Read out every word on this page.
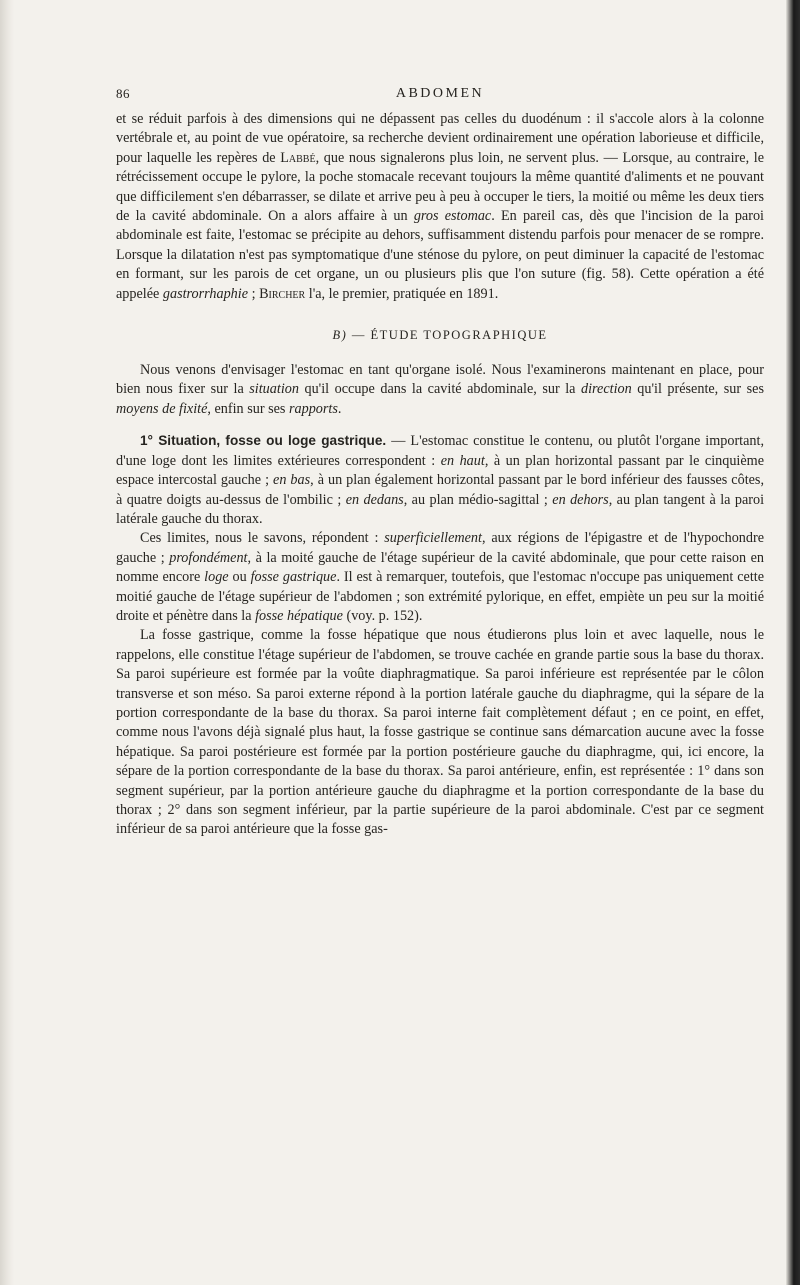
86	ABDOMEN

et se réduit parfois à des dimensions qui ne dépassent pas celles du duodénum : il s'accole alors à la colonne vertébrale et, au point de vue opératoire, sa recherche devient ordinairement une opération laborieuse et difficile, pour laquelle les repères de Labbé, que nous signalerons plus loin, ne servent plus. — Lorsque, au contraire, le rétrécissement occupe le pylore, la poche stomacale recevant toujours la même quantité d'aliments et ne pouvant que difficilement s'en débarrasser, se dilate et arrive peu à peu à occuper le tiers, la moitié ou même les deux tiers de la cavité abdominale. On a alors affaire à un gros estomac. En pareil cas, dès que l'incision de la paroi abdominale est faite, l'estomac se précipite au dehors, suffisamment distendu parfois pour menacer de se rompre. Lorsque la dilatation n'est pas symptomatique d'une sténose du pylore, on peut diminuer la capacité de l'estomac en formant, sur les parois de cet organe, un ou plusieurs plis que l'on suture (fig. 58). Cette opération a été appelée gastrorrhaphie ; Bircher l'a, le premier, pratiquée en 1891.

B) — ÉTUDE TOPOGRAPHIQUE

Nous venons d'envisager l'estomac en tant qu'organe isolé. Nous l'examinerons maintenant en place, pour bien nous fixer sur la situation qu'il occupe dans la cavité abdominale, sur la direction qu'il présente, sur ses moyens de fixité, enfin sur ses rapports.

1° Situation, fosse ou loge gastrique. — L'estomac constitue le contenu, ou plutôt l'organe important, d'une loge dont les limites extérieures correspondent : en haut, à un plan horizontal passant par le cinquième espace intercostal gauche ; en bas, à un plan également horizontal passant par le bord inférieur des fausses côtes, à quatre doigts au-dessus de l'ombilic ; en dedans, au plan médio-sagittal ; en dehors, au plan tangent à la paroi latérale gauche du thorax.

Ces limites, nous le savons, répondent : superficiellement, aux régions de l'épigastre et de l'hypochondre gauche ; profondément, à la moité gauche de l'étage supérieur de la cavité abdominale, que pour cette raison en nomme encore loge ou fosse gastrique. Il est à remarquer, toutefois, que l'estomac n'occupe pas uniquement cette moitié gauche de l'étage supérieur de l'abdomen ; son extrémité pylorique, en effet, empiète un peu sur la moitié droite et pénètre dans la fosse hépatique (voy. p. 152).

La fosse gastrique, comme la fosse hépatique que nous étudierons plus loin et avec laquelle, nous le rappelons, elle constitue l'étage supérieur de l'abdomen, se trouve cachée en grande partie sous la base du thorax. Sa paroi supérieure est formée par la voûte diaphragmatique. Sa paroi inférieure est représentée par le côlon transverse et son méso. Sa paroi externe répond à la portion latérale gauche du diaphragme, qui la sépare de la portion correspondante de la base du thorax. Sa paroi interne fait complètement défaut ; en ce point, en effet, comme nous l'avons déjà signalé plus haut, la fosse gastrique se continue sans démarcation aucune avec la fosse hépatique. Sa paroi postérieure est formée par la portion postérieure gauche du diaphragme, qui, ici encore, la sépare de la portion correspondante de la base du thorax. Sa paroi antérieure, enfin, est représentée : 1° dans son segment supérieur, par la portion antérieure gauche du diaphragme et la portion correspondante de la base du thorax ; 2° dans son segment inférieur, par la partie supérieure de la paroi abdominale. C'est par ce segment inférieur de sa paroi antérieure que la fosse gas-
